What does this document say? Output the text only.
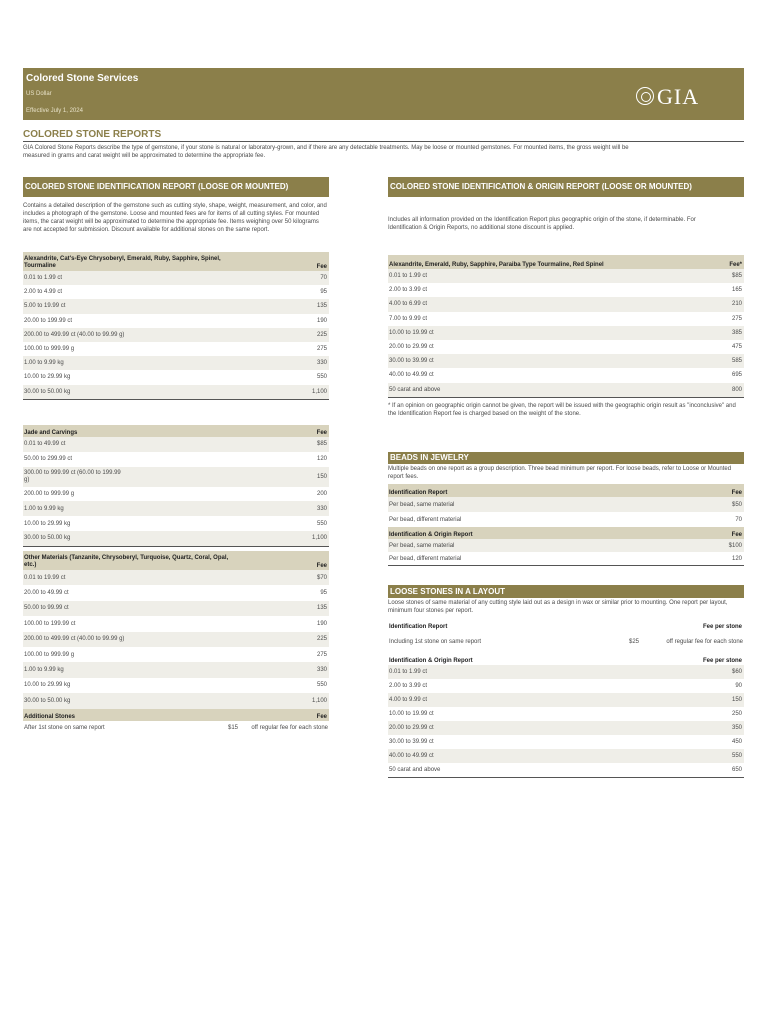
Colored Stone Services
US Dollar
Effective July 1, 2024
GIA
COLORED STONE REPORTS
GIA Colored Stone Reports describe the type of gemstone, if your stone is natural or laboratory-grown, and if there are any detectable treatments. May be loose or mounted gemstones. For mounted items, the gross weight will be measured in grams and carat weight will be approximated to determine the appropriate fee.
COLORED STONE IDENTIFICATION REPORT (LOOSE OR MOUNTED)
Contains a detailed description of the gemstone such as cutting style, shape, weight, measurement, and color, and includes a photograph of the gemstone. Loose and mounted fees are for items of all cutting styles. For mounted items, the carat weight will be approximated to determine the appropriate fee. Items weighing over 50 kilograms are not accepted for submission. Discount available for additional stones on the same report.
Alexandrite, Cat's-Eye Chrysoberyl, Emerald, Ruby, Sapphire, Spinel, Tourmaline	Fee
0.01 to 1.99 ct	70
2.00 to 4.99 ct	95
5.00 to 19.99 ct	135
20.00 to 199.99 ct	190
200.00 to 499.99 ct (40.00 to 99.99 g)	225
100.00 to 999.99 g	275
1.00 to 9.99 kg	330
10.00 to 29.99 kg	550
30.00 to 50.00 kg	1,100
Jade and Carvings	Fee
0.01 to 49.99 ct	$85
50.00 to 299.99 ct	120
300.00 to 999.99 ct (60.00 to 199.99 g)	150
200.00 to 999.99 g	200
1.00 to 9.99 kg	330
10.00 to 29.99 kg	550
30.00 to 50.00 kg	1,100
Other Materials (Tanzanite, Chrysoberyl, Turquoise, Quartz, Coral, Opal, etc.)	Fee
0.01 to 19.99 ct	$70
20.00 to 49.99 ct	95
50.00 to 99.99 ct	135
100.00 to 199.99 ct	190
200.00 to 499.99 ct (40.00 to 99.99 g)	225
100.00 to 999.99 g	275
1.00 to 9.99 kg	330
10.00 to 29.99 kg	550
30.00 to 50.00 kg	1,100
Additional Stones	Fee
After 1st stone on same report	$15	off regular fee for each stone
COLORED STONE IDENTIFICATION & ORIGIN REPORT (LOOSE OR MOUNTED)
Includes all information provided on the Identification Report plus geographic origin of the stone, if determinable. For Identification & Origin Reports, no additional stone discount is applied.
Alexandrite, Emerald, Ruby, Sapphire, Paraiba Type Tourmaline, Red Spinel	Fee*
0.01 to 1.99 ct	$85
2.00 to 3.99 ct	165
4.00 to 6.99 ct	210
7.00 to 9.99 ct	275
10.00 to 19.99 ct	385
20.00 to 29.99 ct	475
30.00 to 39.99 ct	585
40.00 to 49.99 ct	695
50 carat and above	800
* If an opinion on geographic origin cannot be given, the report will be issued with the geographic origin result as "inconclusive" and the Identification Report fee is charged based on the weight of the stone.
BEADS IN JEWELRY
Multiple beads on one report as a group description. Three bead minimum per report. For loose beads, refer to Loose or Mounted report fees.
Identification Report	Fee
Per bead, same material	$50
Per bead, different material	70
Identification & Origin Report	Fee
Per bead, same material	$100
Per bead, different material	120
LOOSE STONES IN A LAYOUT
Loose stones of same material of any cutting style laid out as a design in wax or similar prior to mounting. One report per layout, minimum four stones per report.
Identification Report	Fee per stone
Including 1st stone on same report	$25	off regular fee for each stone
Identification & Origin Report	Fee per stone
0.01 to 1.99 ct	$60
2.00 to 3.99 ct	90
4.00 to 9.99 ct	150
10.00 to 19.99 ct	250
20.00 to 29.99 ct	350
30.00 to 39.99 ct	450
40.00 to 49.99 ct	550
50 carat and above	650
